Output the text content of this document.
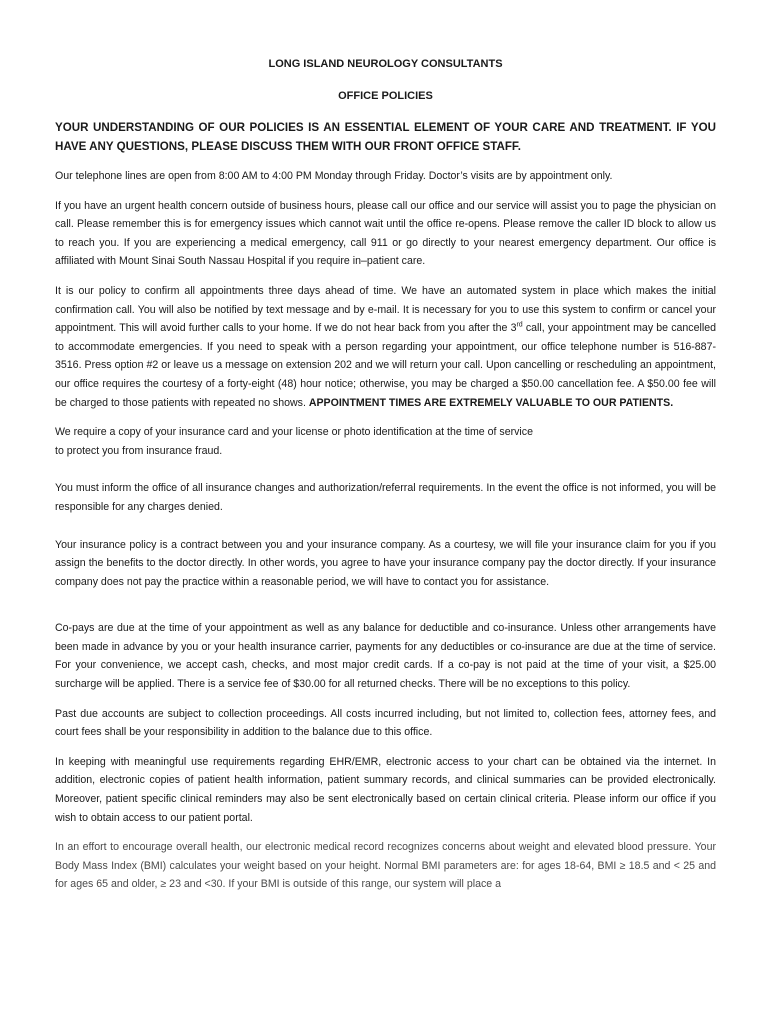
LONG ISLAND NEUROLOGY CONSULTANTS

OFFICE POLICIES

YOUR UNDERSTANDING OF OUR POLICIES IS AN ESSENTIAL ELEMENT OF YOUR CARE AND TREATMENT. IF YOU HAVE ANY QUESTIONS, PLEASE DISCUSS THEM WITH OUR FRONT OFFICE STAFF.

Our telephone lines are open from 8:00 AM to 4:00 PM Monday through Friday. Doctor’s visits are by appointment only.

If you have an urgent health concern outside of business hours, please call our office and our service will assist you to page the physician on call. Please remember this is for emergency issues which cannot wait until the office re-opens. Please remove the caller ID block to allow us to reach you. If you are experiencing a medical emergency, call 911 or go directly to your nearest emergency department. Our office is affiliated with Mount Sinai South Nassau Hospital if you require in–patient care.

It is our policy to confirm all appointments three days ahead of time. We have an automated system in place which makes the initial confirmation call. You will also be notified by text message and by e-mail. It is necessary for you to use this system to confirm or cancel your appointment. This will avoid further calls to your home. If we do not hear back from you after the 3rd call, your appointment may be cancelled to accommodate emergencies. If you need to speak with a person regarding your appointment, our office telephone number is 516-887-3516. Press option #2 or leave us a message on extension 202 and we will return your call. Upon cancelling or rescheduling an appointment, our office requires the courtesy of a forty-eight (48) hour notice; otherwise, you may be charged a $50.00 cancellation fee. A $50.00 fee will be charged to those patients with repeated no shows. APPOINTMENT TIMES ARE EXTREMELY VALUABLE TO OUR PATIENTS.

We require a copy of your insurance card and your license or photo identification at the time of service
to protect you from insurance fraud.

You must inform the office of all insurance changes and authorization/referral requirements. In the event the office is not informed, you will be responsible for any charges denied.

Your insurance policy is a contract between you and your insurance company. As a courtesy, we will file your insurance claim for you if you assign the benefits to the doctor directly. In other words, you agree to have your insurance company pay the doctor directly. If your insurance company does not pay the practice within a reasonable period, we will have to contact you for assistance.

Co-pays are due at the time of your appointment as well as any balance for deductible and co-insurance. Unless other arrangements have been made in advance by you or your health insurance carrier, payments for any deductibles or co-insurance are due at the time of service. For your convenience, we accept cash, checks, and most major credit cards. If a co-pay is not paid at the time of your visit, a $25.00 surcharge will be applied. There is a service fee of $30.00 for all returned checks. There will be no exceptions to this policy.

Past due accounts are subject to collection proceedings. All costs incurred including, but not limited to, collection fees, attorney fees, and court fees shall be your responsibility in addition to the balance due to this office.

In keeping with meaningful use requirements regarding EHR/EMR, electronic access to your chart can be obtained via the internet. In addition, electronic copies of patient health information, patient summary records, and clinical summaries can be provided electronically. Moreover, patient specific clinical reminders may also be sent electronically based on certain clinical criteria. Please inform our office if you wish to obtain access to our patient portal.

In an effort to encourage overall health, our electronic medical record recognizes concerns about weight and elevated blood pressure. Your Body Mass Index (BMI) calculates your weight based on your height. Normal BMI parameters are: for ages 18-64, BMI ≥ 18.5 and < 25 and for ages 65 and older, ≥ 23 and <30. If your BMI is outside of this range, our system will place a
